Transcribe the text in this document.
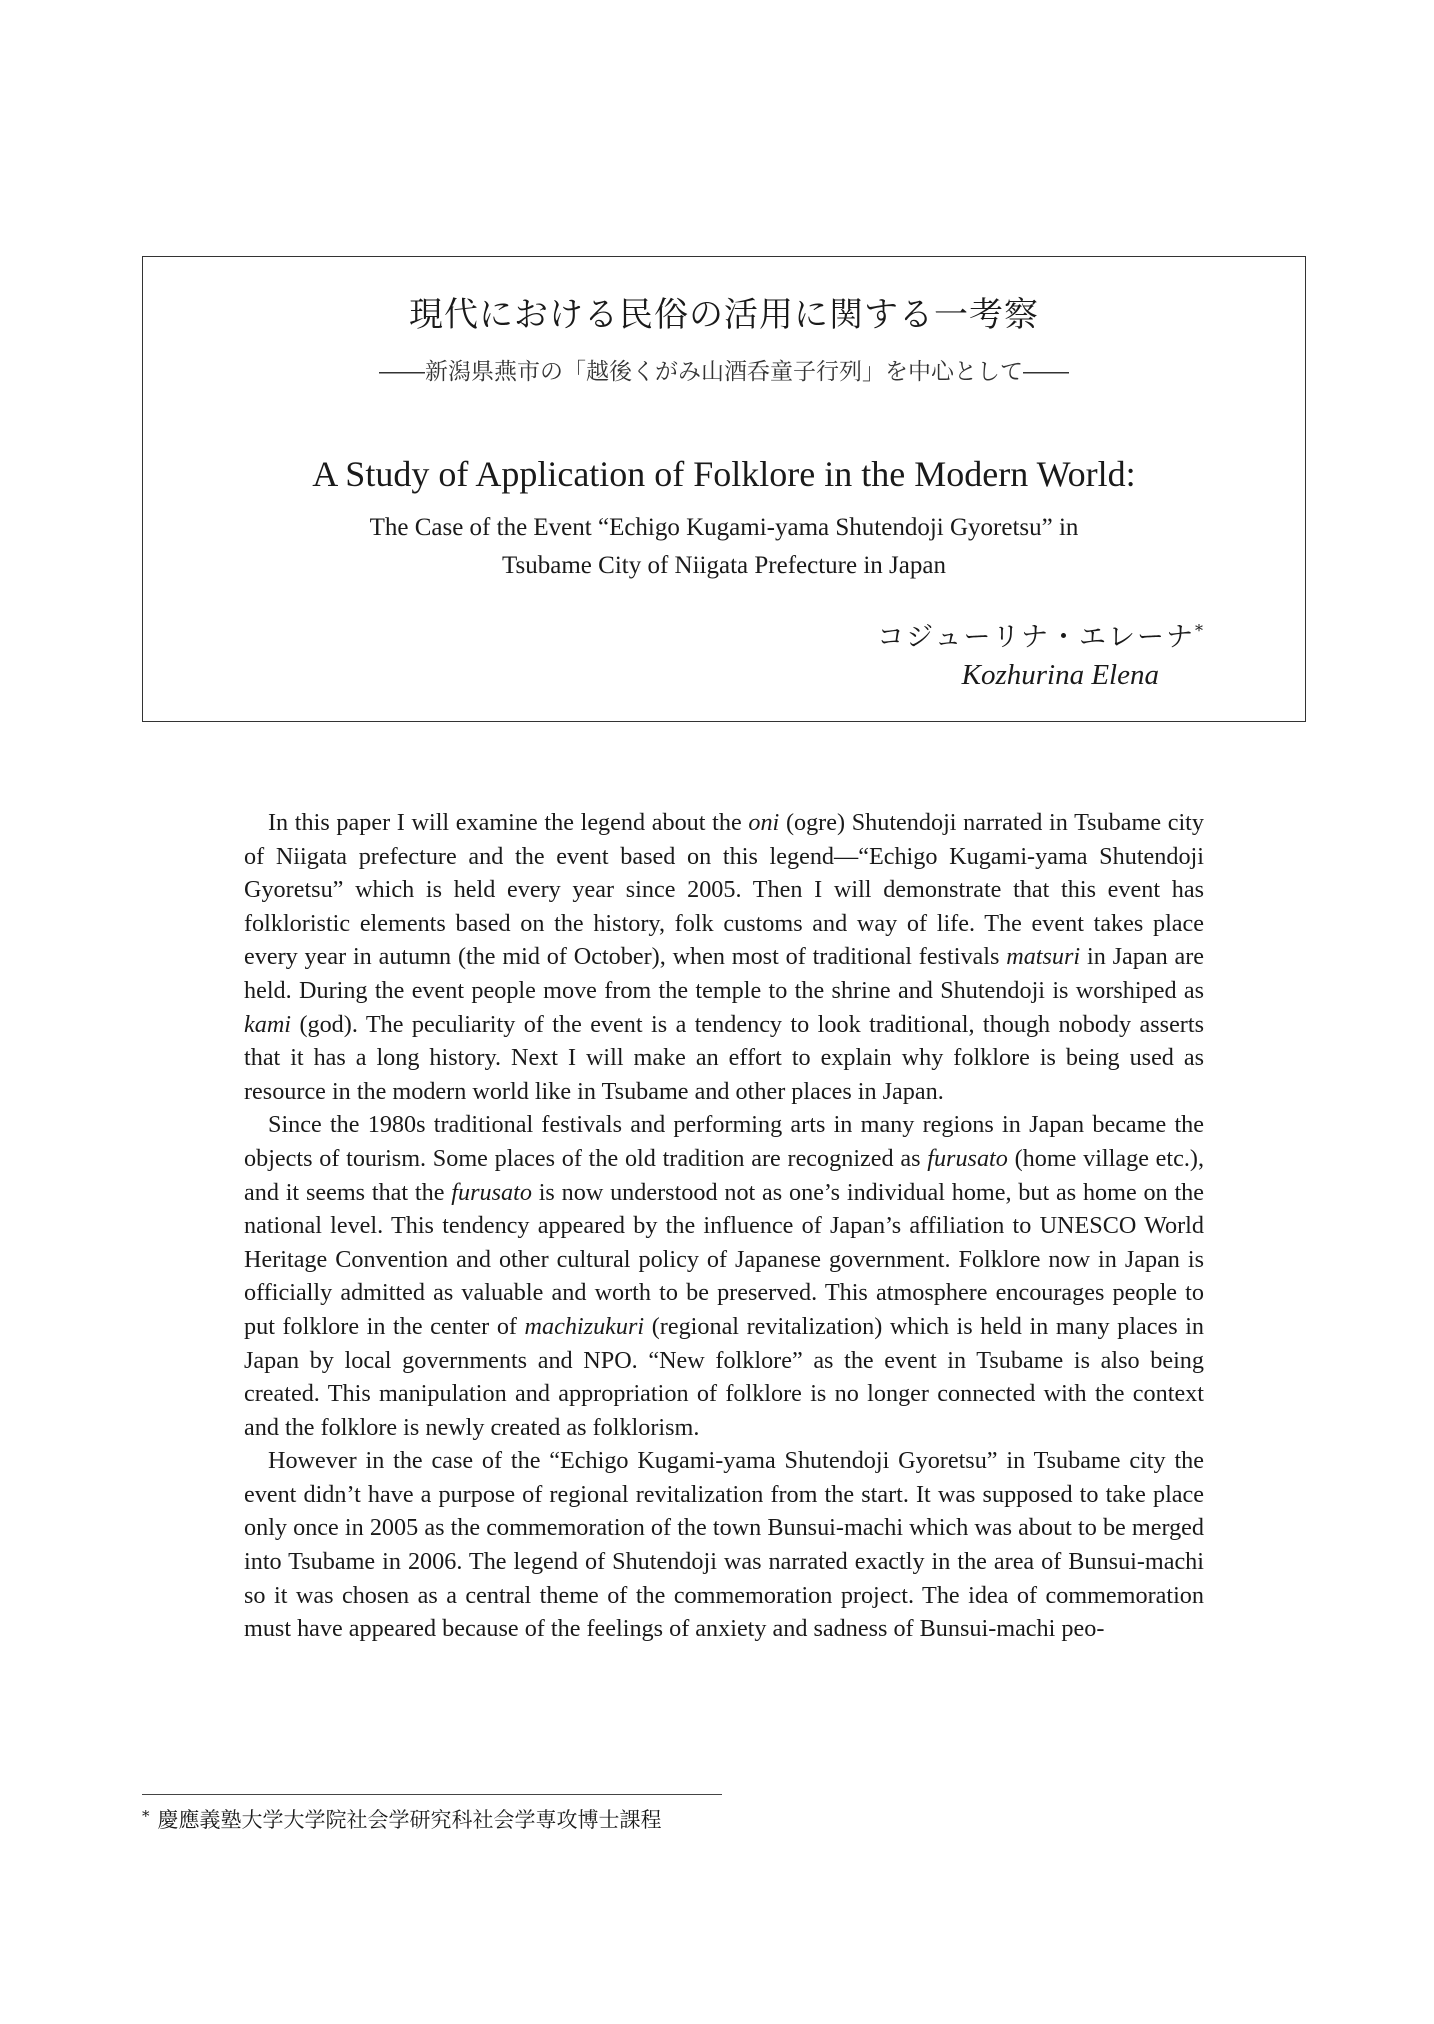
現代における民俗の活用に関する一考察
――新潟県燕市の「越後くがみ山酒呑童子行列」を中心として――
A Study of Application of Folklore in the Modern World:
The Case of the Event “Echigo Kugami-yama Shutendoji Gyoretsu” in
Tsubame City of Niigata Prefecture in Japan
コジューリナ・エレーナ*
Kozhurina Elena

In this paper I will examine the legend about the oni (ogre) Shutendoji narrated in Tsubame city of Niigata prefecture and the event based on this legend—“Echigo Kugami-yama Shutendoji Gyoretsu” which is held every year since 2005. Then I will demonstrate that this event has folkloristic elements based on the history, folk customs and way of life. The event takes place every year in autumn (the mid of October), when most of traditional festivals matsuri in Japan are held. During the event people move from the temple to the shrine and Shutendoji is worshiped as kami (god). The peculiarity of the event is a tendency to look traditional, though nobody asserts that it has a long history. Next I will make an effort to explain why folklore is being used as resource in the modern world like in Tsubame and other places in Japan.

Since the 1980s traditional festivals and performing arts in many regions in Japan became the objects of tourism. Some places of the old tradition are recognized as furusato (home village etc.), and it seems that the furusato is now understood not as one’s individual home, but as home on the national level. This tendency appeared by the influence of Japan’s affiliation to UNESCO World Heritage Convention and other cultural policy of Japanese government. Folklore now in Japan is officially admitted as valuable and worth to be preserved. This atmosphere encourages people to put folklore in the center of machizukuri (regional revitalization) which is held in many places in Japan by local governments and NPO. “New folklore” as the event in Tsubame is also being created. This manipulation and appropriation of folklore is no longer connected with the context and the folklore is newly created as folklorism.

However in the case of the “Echigo Kugami-yama Shutendoji Gyoretsu” in Tsubame city the event didn’t have a purpose of regional revitalization from the start. It was supposed to take place only once in 2005 as the commemoration of the town Bunsui-machi which was about to be merged into Tsubame in 2006. The legend of Shutendoji was narrated exactly in the area of Bunsui-machi so it was chosen as a central theme of the commemoration project. The idea of commemoration must have appeared because of the feelings of anxiety and sadness of Bunsui-machi peo-

* 慶應義塾大学大学院社会学研究科社会学専攻博士課程
